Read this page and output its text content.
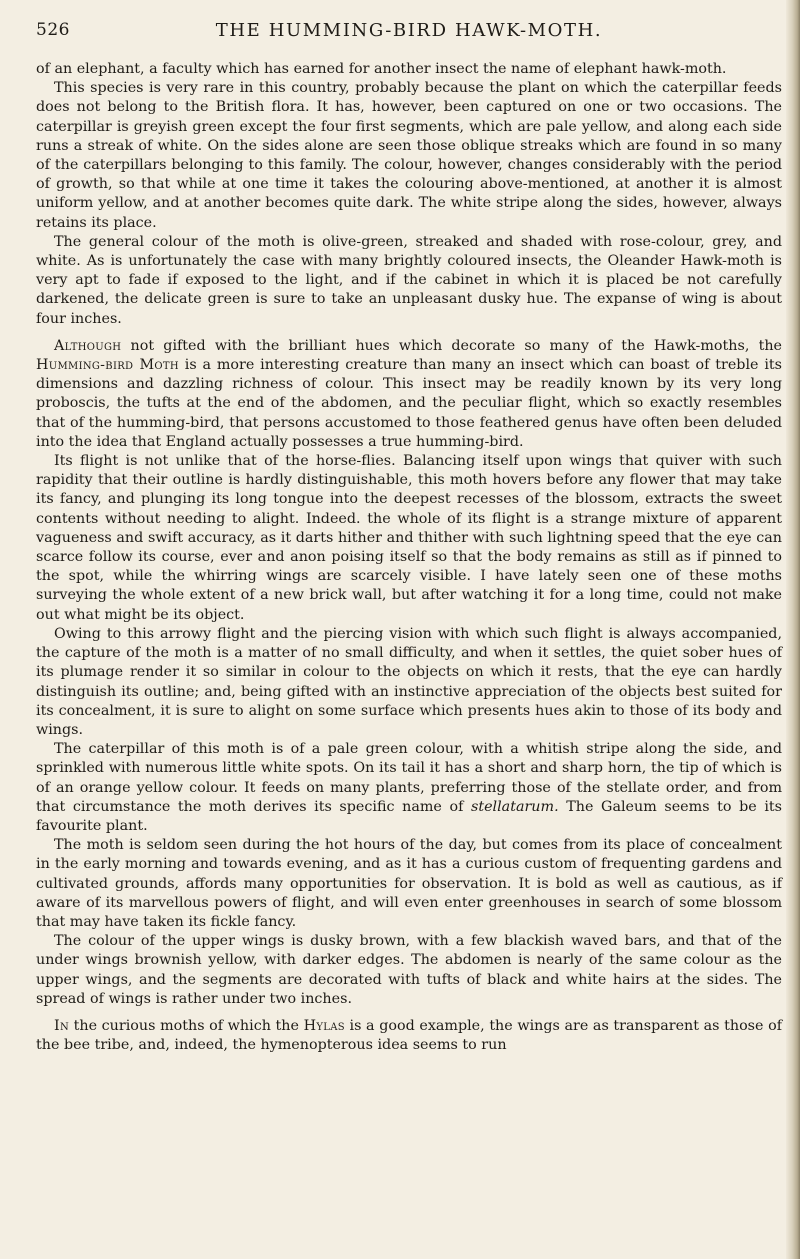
526	THE HUMMING-BIRD HAWK-MOTH.

of an elephant, a faculty which has earned for another insect the name of elephant hawk-moth.

This species is very rare in this country, probably because the plant on which the caterpillar feeds does not belong to the British flora. It has, however, been captured on one or two occasions. The caterpillar is greyish green except the four first segments, which are pale yellow, and along each side runs a streak of white. On the sides alone are seen those oblique streaks which are found in so many of the caterpillars belonging to this family. The colour, however, changes considerably with the period of growth, so that while at one time it takes the colouring above-mentioned, at another it is almost uniform yellow, and at another becomes quite dark. The white stripe along the sides, however, always retains its place.

The general colour of the moth is olive-green, streaked and shaded with rose-colour, grey, and white. As is unfortunately the case with many brightly coloured insects, the Oleander Hawk-moth is very apt to fade if exposed to the light, and if the cabinet in which it is placed be not carefully darkened, the delicate green is sure to take an unpleasant dusky hue. The expanse of wing is about four inches.

Although not gifted with the brilliant hues which decorate so many of the Hawk-moths, the Humming-bird Moth is a more interesting creature than many an insect which can boast of treble its dimensions and dazzling richness of colour. This insect may be readily known by its very long proboscis, the tufts at the end of the abdomen, and the peculiar flight, which so exactly resembles that of the humming-bird, that persons accustomed to those feathered genus have often been deluded into the idea that England actually possesses a true humming-bird.

Its flight is not unlike that of the horse-flies. Balancing itself upon wings that quiver with such rapidity that their outline is hardly distinguishable, this moth hovers before any flower that may take its fancy, and plunging its long tongue into the deepest recesses of the blossom, extracts the sweet contents without needing to alight. Indeed. the whole of its flight is a strange mixture of apparent vagueness and swift accuracy, as it darts hither and thither with such lightning speed that the eye can scarce follow its course, ever and anon poising itself so that the body remains as still as if pinned to the spot, while the whirring wings are scarcely visible. I have lately seen one of these moths surveying the whole extent of a new brick wall, but after watching it for a long time, could not make out what might be its object.

Owing to this arrowy flight and the piercing vision with which such flight is always accompanied, the capture of the moth is a matter of no small difficulty, and when it settles, the quiet sober hues of its plumage render it so similar in colour to the objects on which it rests, that the eye can hardly distinguish its outline; and, being gifted with an instinctive appreciation of the objects best suited for its concealment, it is sure to alight on some surface which presents hues akin to those of its body and wings.

The caterpillar of this moth is of a pale green colour, with a whitish stripe along the side, and sprinkled with numerous little white spots. On its tail it has a short and sharp horn, the tip of which is of an orange yellow colour. It feeds on many plants, preferring those of the stellate order, and from that circumstance the moth derives its specific name of stellatarum. The Galeum seems to be its favourite plant.

The moth is seldom seen during the hot hours of the day, but comes from its place of concealment in the early morning and towards evening, and as it has a curious custom of frequenting gardens and cultivated grounds, affords many opportunities for observation. It is bold as well as cautious, as if aware of its marvellous powers of flight, and will even enter greenhouses in search of some blossom that may have taken its fickle fancy.

The colour of the upper wings is dusky brown, with a few blackish waved bars, and that of the under wings brownish yellow, with darker edges. The abdomen is nearly of the same colour as the upper wings, and the segments are decorated with tufts of black and white hairs at the sides. The spread of wings is rather under two inches.

In the curious moths of which the Hylas is a good example, the wings are as transparent as those of the bee tribe, and, indeed, the hymenopterous idea seems to run
